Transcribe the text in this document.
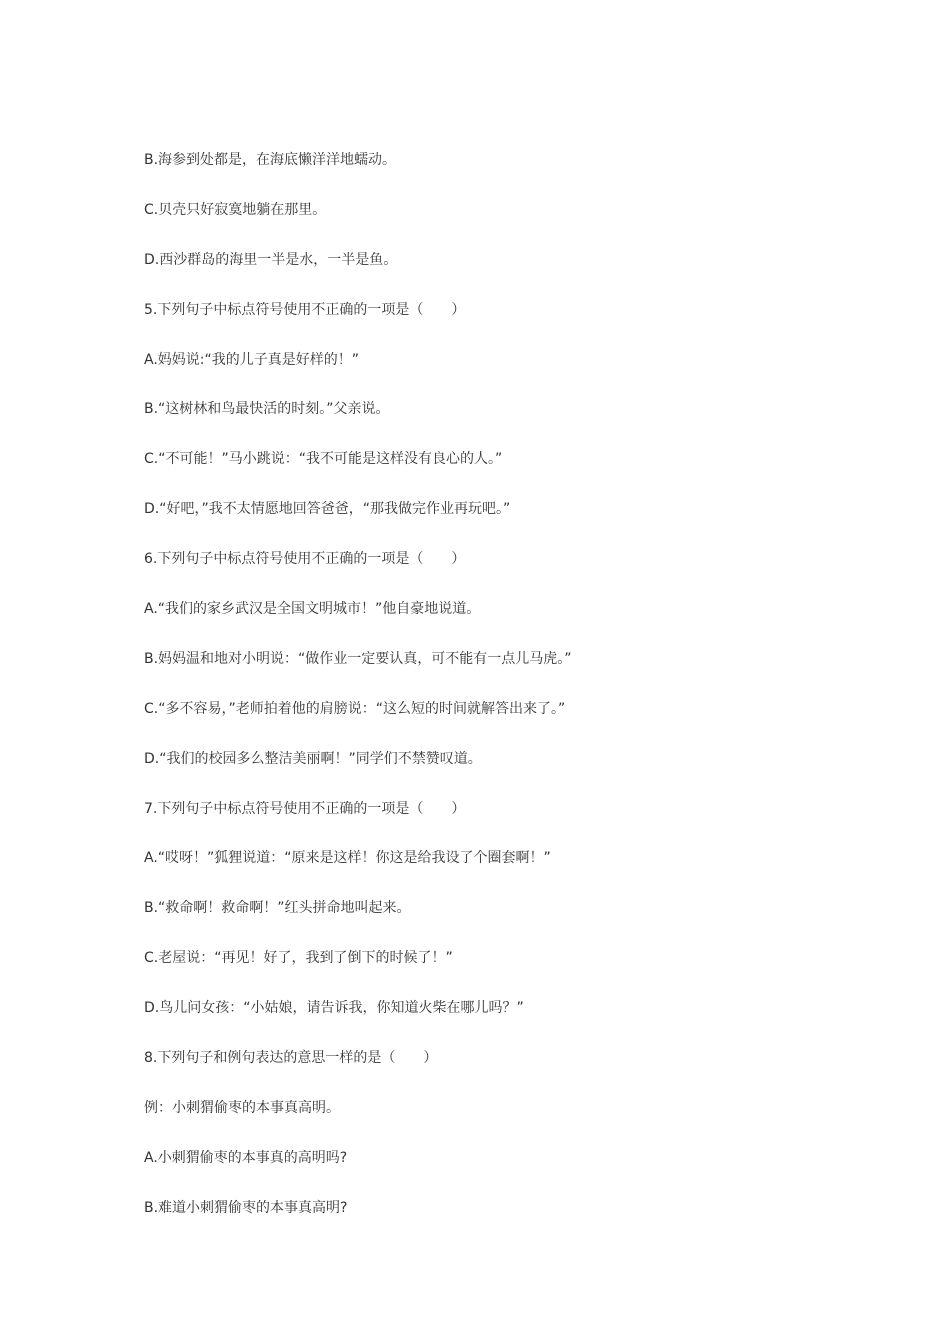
B.海参到处都是，在海底懒洋洋地蠕动。
C.贝壳只好寂寞地躺在那里。
D.西沙群岛的海里一半是水，一半是鱼。
5.下列句子中标点符号使用不正确的一项是（　　）
A.妈妈说:“我的儿子真是好样的！”
B.“这树林和鸟最快活的时刻。”父亲说。
C.“不可能！”马小跳说：“我不可能是这样没有良心的人。”
D.“好吧，”我不太情愿地回答爸爸，“那我做完作业再玩吧。”
6.下列句子中标点符号使用不正确的一项是（　　）
A.“我们的家乡武汉是全国文明城市！”他自豪地说道。
B.妈妈温和地对小明说：“做作业一定要认真，可不能有一点儿马虎。”
C.“多不容易，”老师拍着他的肩膀说：“这么短的时间就解答出来了。”
D.“我们的校园多么整洁美丽啊！”同学们不禁赞叹道。
7.下列句子中标点符号使用不正确的一项是（　　）
A.“哎呀！”狐狸说道：“原来是这样！你这是给我设了个圈套啊！”
B.“救命啊！救命啊！”红头拼命地叫起来。
C.老屋说：“再见！好了，我到了倒下的时候了！”
D.鸟儿问女孩：“小姑娘，请告诉我，你知道火柴在哪儿吗？”
8.下列句子和例句表达的意思一样的是（　　）
例：小刺猬偷枣的本事真高明。
A.小刺猬偷枣的本事真的高明吗?
B.难道小刺猬偷枣的本事真高明?
